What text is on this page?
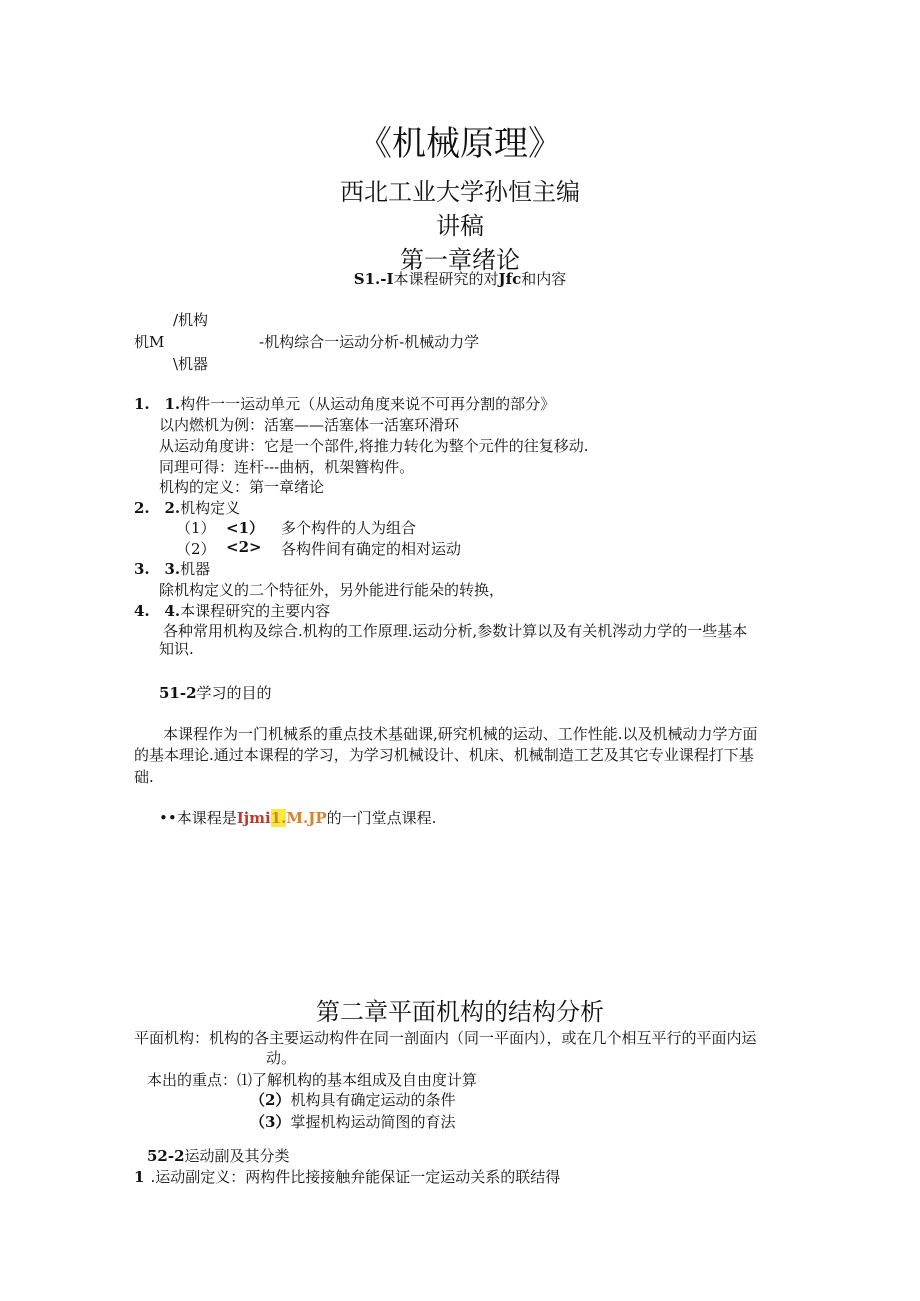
《机械原理》
西北工业大学孙恒主编
讲稿
第一章绪论
S1.-I本课程研究的对Jfc和内容
/机构
机M	-机构综合一运动分析-机械动力学
\机器
1. 1.构件一一运动单元（从运动角度来说不可再分割的部分》
以内燃机为例：活塞——活塞体一活塞环滑环
从运动角度讲：它是一个部件,将推力转化为整个元件的往复移动.
同理可得：连杆---曲柄，机架簪构件。
机构的定义：第一章绪论
2. 2.机构定义
（1） <1） 多个构件的人为组合
（2） <2> 各构件间有确定的相对运动
3. 3.机器
除机构定义的二个特征外，另外能进行能朵的转换，
4. 4.本课程研究的主要内容
各种常用机构及综合.机构的工作原理.运动分析,参数计算以及有关机涔动力学的一些基本
知识.
51-2学习的目的
本课程作为一门机械系的重点技术基础课,研究机械的运动、工作性能.以及机械动力学方面
的基本理论.通过本课程的学习，为学习机械设计、机床、机械制造工艺及其它专业课程打下基
础.
••本课程是Ijmi1.M.JP的一门堂点课程.
第二章平面机构的结构分析
平面机构：机构的各主要运动构件在同一剖面内（同一平面内），或在几个相互平行的平面内运
动。
本出的重点：⑴了解机构的基本组成及自由度计算
（2）机构具有确定运动的条件
（3）掌握机构运动简图的育法
52-2运动副及其分类
1 .运动副定义：两构件比接接触弁能保证一定运动关系的联结得
